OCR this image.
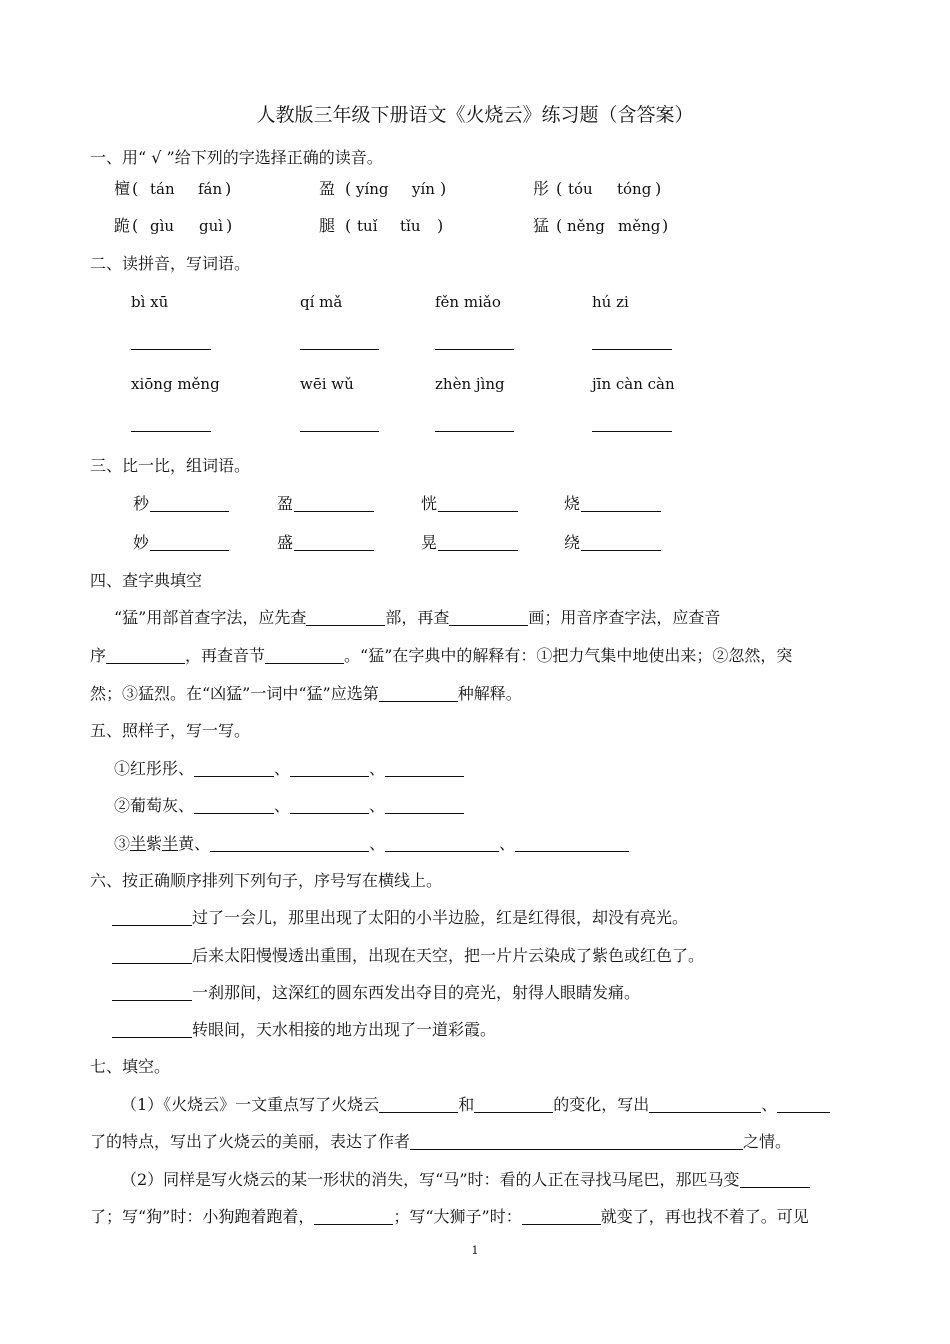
人教版三年级下册语文《火烧云》练习题（含答案）
一、用“ √ ”给下列的字选择正确的读音。
檀 ( tán fán )	盈 ( yíng yín )	彤 ( tóu tóng )
跪 ( gìu guì )	腿 ( tuǐ tǐu )	猛 ( něng měng )
二、读拼音，写词语。
bì xū	qí mǎ	fěn miǎo	hú zi
xiōng měng	wēi wǔ	zhèn jìng	jīn càn càn
三、比一比，组词语。
秒	盈	恍	烧
妙	盛	晃	绕
四、查字典填空
“猛”用部首查字法，应先查	部，再查	画；用音序查字法，应查音
序	，再查音节	。“猛”在字典中的解释有：①把力气集中地使出来；②忽然，突
然；③猛烈。在“凶猛”一词中“猛”应选第	种解释。
五、照样子，写一写。
①红彤彤、	、	、
②葡萄灰、	、	、
③半紫半黄、	、	、
六、按正确顺序排列下列句子，序号写在横线上。
过了一会儿，那里出现了太阳的小半边脸，红是红得很，却没有亮光。
后来太阳慢慢透出重围，出现在天空，把一片片云染成了紫色或红色了。
一刹那间，这深红的圆东西发出夺目的亮光，射得人眼睛发痛。
转眼间，天水相接的地方出现了一道彩霞。
七、填空。
（1）《火烧云》一文重点写了火烧云	和	的变化，写出	、
了的特点，写出了火烧云的美丽，表达了作者	之情。
（2）同样是写火烧云的某一形状的消失，写“马”时：看的人正在寻找马尾巴，那匹马变
了；写“狗”时：小狗跑着跑着，	；写“大狮子”时：	就变了，再也找不着了。可见
1
